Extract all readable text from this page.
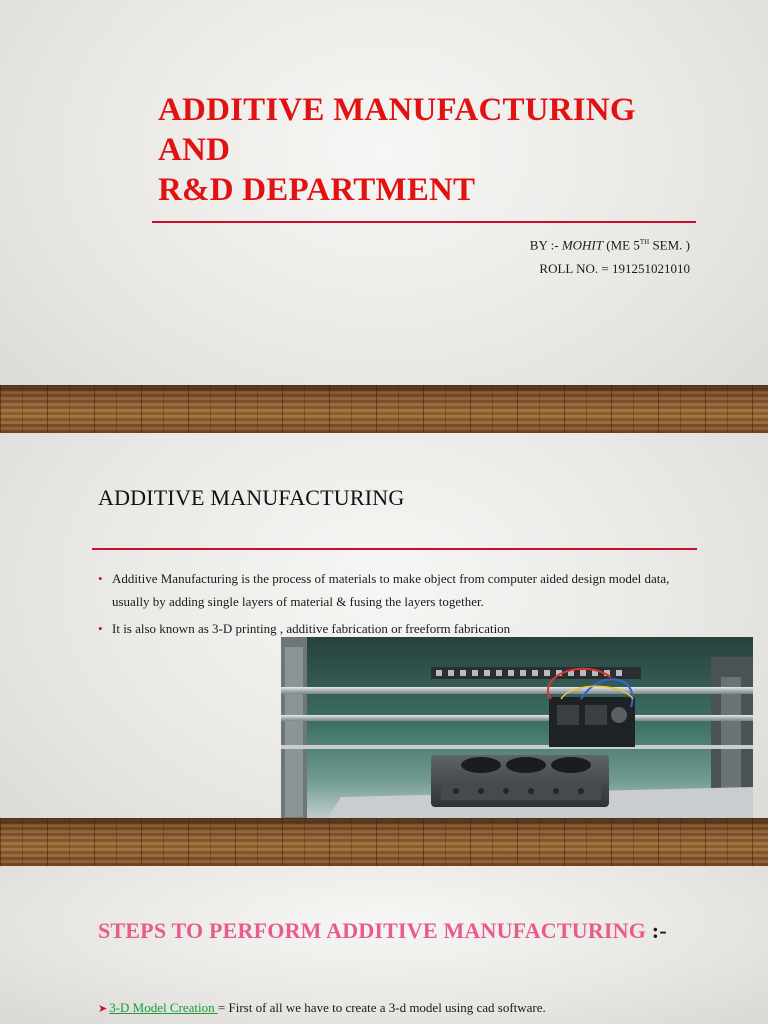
ADDITIVE MANUFACTURING
AND
R&D DEPARTMENT
BY :- MOHIT (ME 5TH SEM. )
ROLL NO. = 191251021010
ADDITIVE MANUFACTURING
• Additive Manufacturing is the process of materials to make object from computer aided design model data, usually by adding single layers of material & fusing the layers together.
• It is also known as 3-D printing , additive fabrication or freeform fabrication
STEPS TO PERFORM ADDITIVE MANUFACTURING :-
➤ 3-D Model Creation = First of all we have to create a 3-d model using cad software.
